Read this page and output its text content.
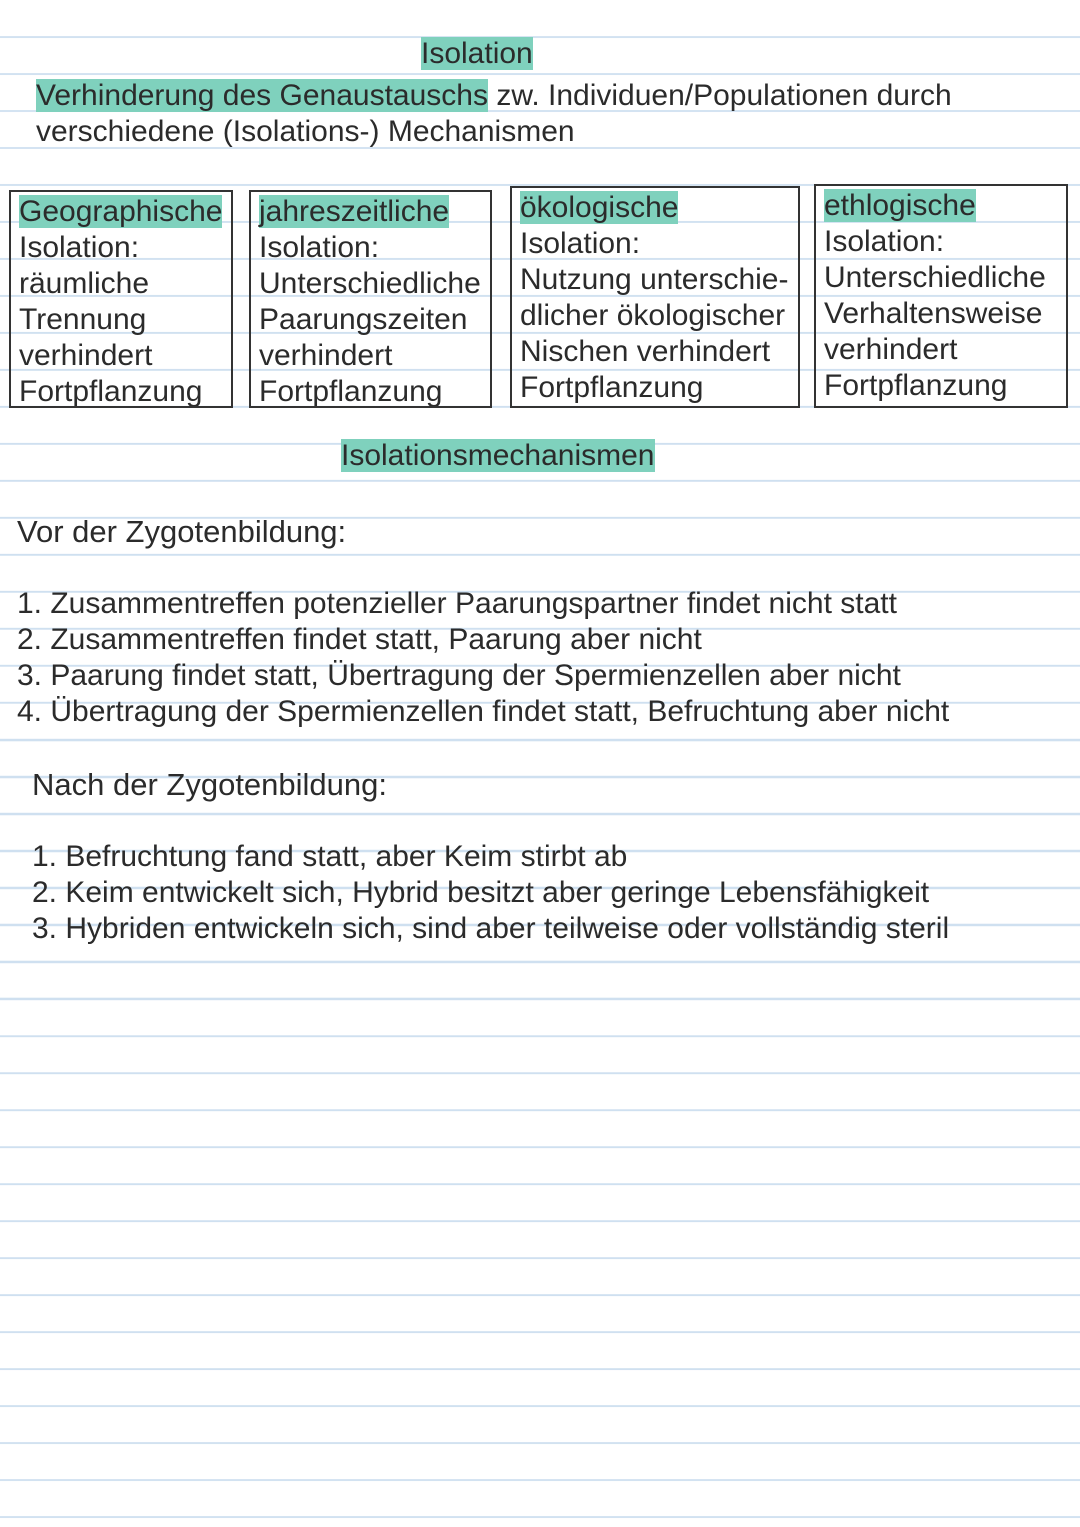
Isolation
Verhinderung des Genaustauschs zw. Individuen/Populationen durch
verschiedene (Isolations-) Mechanismen
Geographische
Isolation:
räumliche
Trennung
verhindert
Fortpflanzung
jahreszeitliche
Isolation:
Unterschiedliche
Paarungszeiten
verhindert
Fortpflanzung
ökologische
Isolation:
Nutzung unterschie-
dlicher ökologischer
Nischen verhindert
Fortpflanzung
ethlogische
Isolation:
Unterschiedliche
Verhaltensweise
verhindert
Fortpflanzung
Isolationsmechanismen
Vor der Zygotenbildung:
1. Zusammentreffen potenzieller Paarungspartner findet nicht statt
2. Zusammentreffen findet statt, Paarung aber nicht
3. Paarung findet statt, Übertragung der Spermienzellen aber nicht
4. Übertragung der Spermienzellen findet statt, Befruchtung aber nicht
Nach der Zygotenbildung:
1. Befruchtung fand statt, aber Keim stirbt ab
2. Keim entwickelt sich, Hybrid besitzt aber geringe Lebensfähigkeit
3. Hybriden entwickeln sich, sind aber teilweise oder vollständig steril
